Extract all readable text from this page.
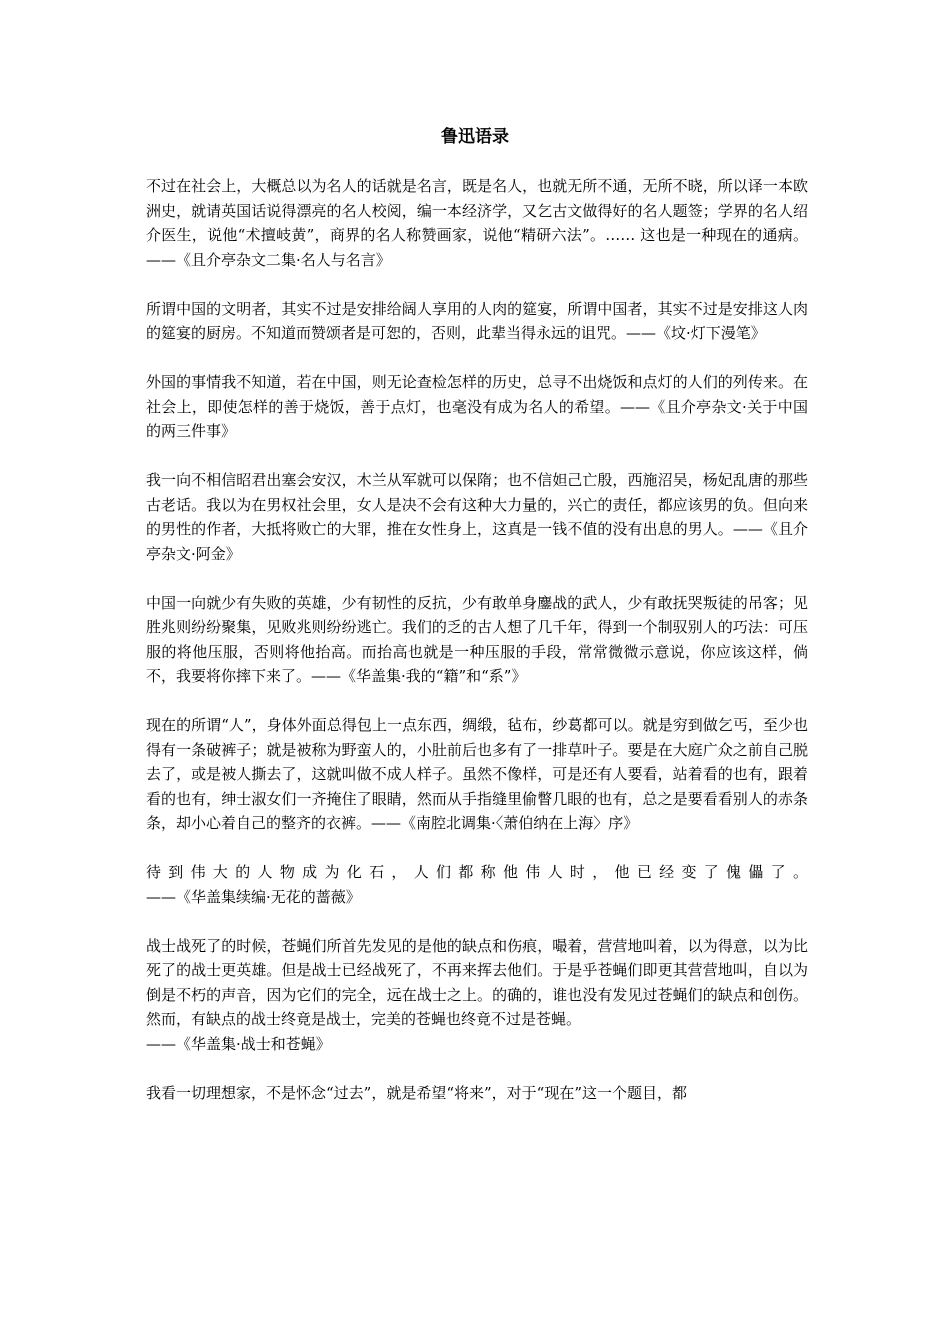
鲁迅语录

不过在社会上，大概总以为名人的话就是名言，既是名人，也就无所不通，无所不晓，所以译一本欧洲史，就请英国话说得漂亮的名人校阅，编一本经济学，又乞古文做得好的名人题签；学界的名人绍介医生，说他“术擅岐黄”，商界的名人称赞画家，说他“精研六法”。…… 这也是一种现在的通病。——《且介亭杂文二集·名人与名言》

所谓中国的文明者，其实不过是安排给阔人享用的人肉的筵宴，所谓中国者，其实不过是安排这人肉的筵宴的厨房。不知道而赞颂者是可恕的，否则，此辈当得永远的诅咒。——《坟·灯下漫笔》

外国的事情我不知道，若在中国，则无论查检怎样的历史，总寻不出烧饭和点灯的人们的列传来。在社会上，即使怎样的善于烧饭，善于点灯，也毫没有成为名人的希望。——《且介亭杂文·关于中国的两三件事》

我一向不相信昭君出塞会安汉，木兰从军就可以保隋；也不信妲己亡殷，西施沼吴，杨妃乱唐的那些古老话。我以为在男权社会里，女人是决不会有这种大力量的，兴亡的责任，都应该男的负。但向来的男性的作者，大抵将败亡的大罪，推在女性身上，这真是一钱不值的没有出息的男人。——《且介亭杂文·阿金》

中国一向就少有失败的英雄，少有韧性的反抗，少有敢单身鏖战的武人，少有敢抚哭叛徒的吊客；见胜兆则纷纷聚集，见败兆则纷纷逃亡。我们的乏的古人想了几千年，得到一个制驭别人的巧法：可压服的将他压服，否则将他抬高。而抬高也就是一种压服的手段，常常微微示意说，你应该这样，倘不，我要将你摔下来了。——《华盖集·我的“籍”和“系”》

现在的所谓“人”，身体外面总得包上一点东西，绸缎，毡布，纱葛都可以。就是穷到做乞丐，至少也得有一条破裤子；就是被称为野蛮人的，小肚前后也多有了一排草叶子。要是在大庭广众之前自己脱去了，或是被人撕去了，这就叫做不成人样子。虽然不像样，可是还有人要看，站着看的也有，跟着看的也有，绅士淑女们一齐掩住了眼睛，然而从手指缝里偷瞥几眼的也有，总之是要看看别人的赤条条，却小心着自己的整齐的衣裤。——《南腔北调集·〈萧伯纳在上海〉序》

待到伟大的人物成为化石，人们都称他伟人时，他已经变了傀儡了。——《华盖集续编·无花的蔷薇》

战士战死了的时候，苍蝇们所首先发见的是他的缺点和伤痕，嘬着，营营地叫着，以为得意，以为比死了的战士更英雄。但是战士已经战死了，不再来挥去他们。于是乎苍蝇们即更其营营地叫，自以为倒是不朽的声音，因为它们的完全，远在战士之上。的确的，谁也没有发见过苍蝇们的缺点和创伤。然而，有缺点的战士终竟是战士，完美的苍蝇也终竟不过是苍蝇。
——《华盖集·战士和苍蝇》

我看一切理想家，不是怀念“过去”，就是希望“将来”，对于“现在”这一个题目，都
